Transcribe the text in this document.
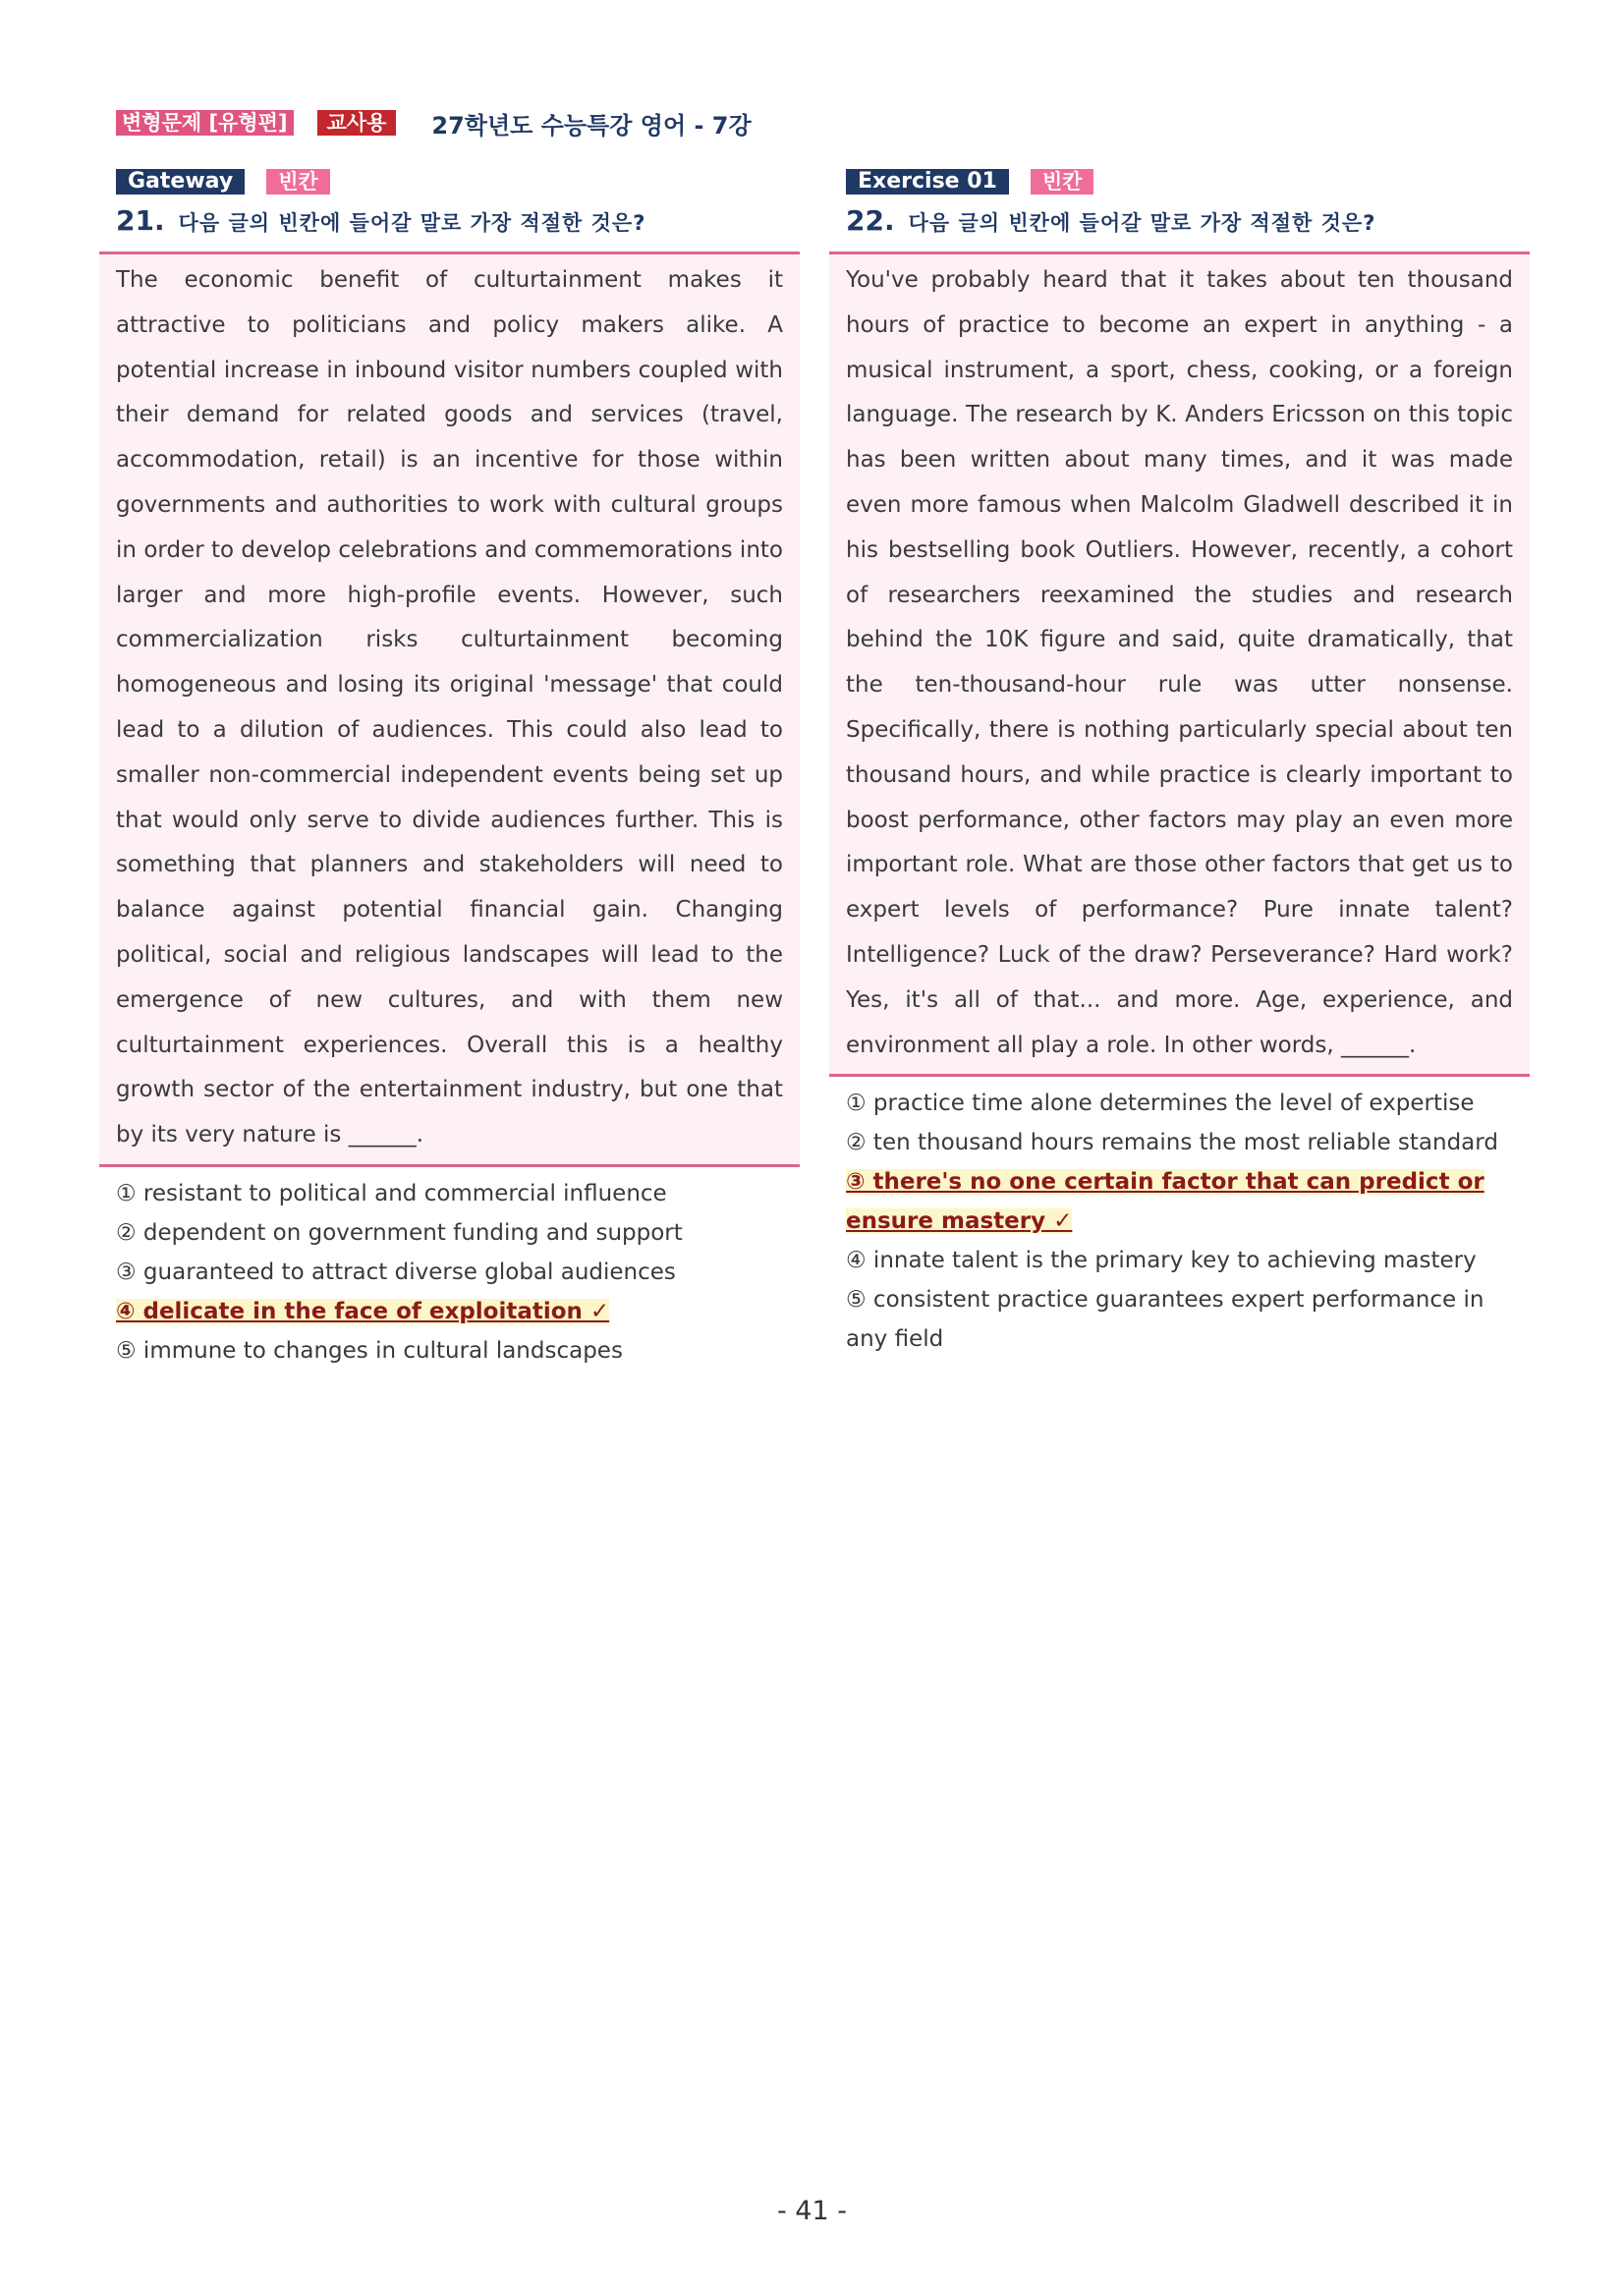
변형문제 [유형편]	교사용	27학년도 수능특강 영어 - 7강
Gateway	빈칸
21. 다음 글의 빈칸에 들어갈 말로 가장 적절한 것은?

The economic benefit of culturtainment makes it attractive to politicians and policy makers alike. A potential increase in inbound visitor numbers coupled with their demand for related goods and services (travel, accommodation, retail) is an incentive for those within governments and authorities to work with cultural groups in order to develop celebrations and commemorations into larger and more high-profile events. However, such commercialization risks culturtainment becoming homogeneous and losing its original 'message' that could lead to a dilution of audiences. This could also lead to smaller non-commercial independent events being set up that would only serve to divide audiences further. This is something that planners and stakeholders will need to balance against potential financial gain. Changing political, social and religious landscapes will lead to the emergence of new cultures, and with them new culturtainment experiences. Overall this is a healthy growth sector of the entertainment industry, but one that by its very nature is ______.

① resistant to political and commercial influence
② dependent on government funding and support
③ guaranteed to attract diverse global audiences
④ delicate in the face of exploitation ✓
⑤ immune to changes in cultural landscapes
Exercise 01	빈칸
22. 다음 글의 빈칸에 들어갈 말로 가장 적절한 것은?

You've probably heard that it takes about ten thousand hours of practice to become an expert in anything - a musical instrument, a sport, chess, cooking, or a foreign language. The research by K. Anders Ericsson on this topic has been written about many times, and it was made even more famous when Malcolm Gladwell described it in his bestselling book Outliers. However, recently, a cohort of researchers reexamined the studies and research behind the 10K figure and said, quite dramatically, that the ten-thousand-hour rule was utter nonsense. Specifically, there is nothing particularly special about ten thousand hours, and while practice is clearly important to boost performance, other factors may play an even more important role. What are those other factors that get us to expert levels of performance? Pure innate talent? Intelligence? Luck of the draw? Perseverance? Hard work? Yes, it's all of that... and more. Age, experience, and environment all play a role. In other words, ______.

① practice time alone determines the level of expertise
② ten thousand hours remains the most reliable standard
③ there's no one certain factor that can predict or ensure mastery ✓
④ innate talent is the primary key to achieving mastery
⑤ consistent practice guarantees expert performance in any field
- 41 -
